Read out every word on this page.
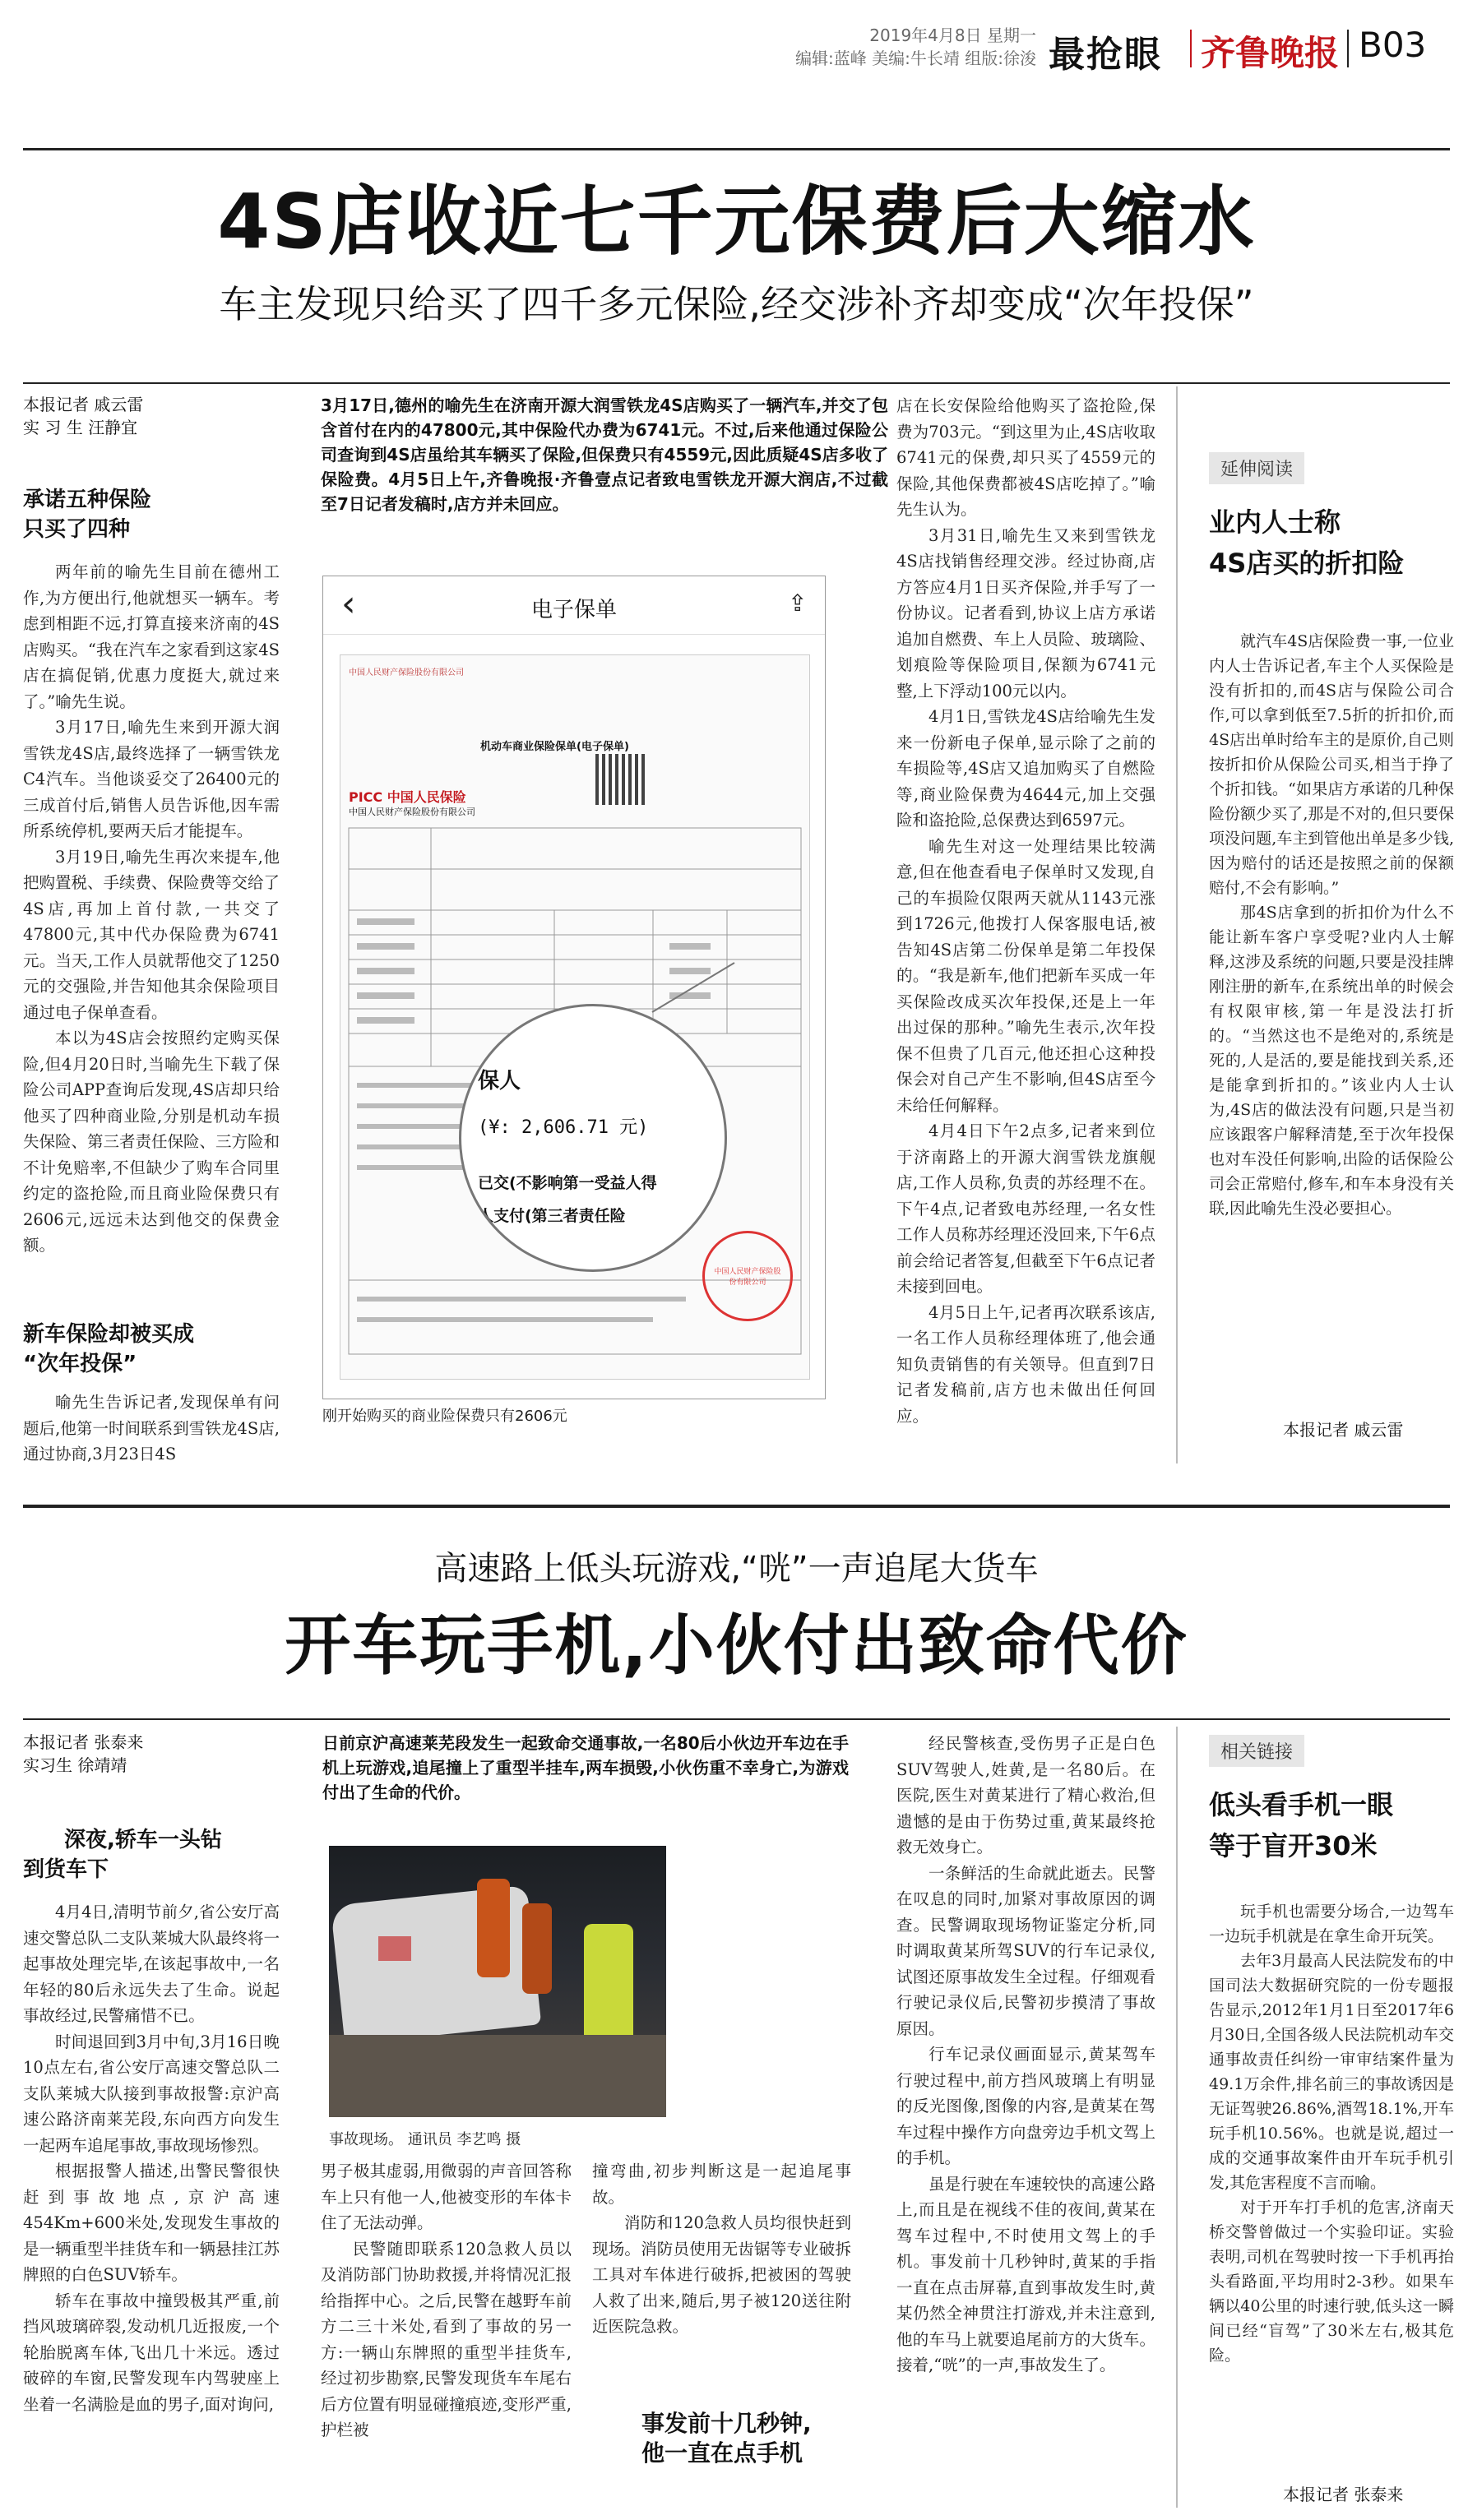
2019年4月8日 星期一
编辑:蓝峰 美编:牛长靖 组版:徐浚 最抢眼 齐鲁晚报 B03
4S店收近七千元保费后大缩水
车主发现只给买了四千多元保险,经交涉补齐却变成“次年投保”
本报记者 戚云雷
实 习 生 汪静宜
承诺五种保险
只买了四种

两年前的喻先生目前在德州工作,为方便出行,他就想买一辆车。考虑到相距不远,打算直接来济南的4S店购买。“我在汽车之家看到这家4S店在搞促销,优惠力度挺大,就过来了。”喻先生说。

3月17日,喻先生来到开源大润雪铁龙4S店,最终选择了一辆雪铁龙C4汽车。当他谈妥交了26400元的三成首付后,销售人员告诉他,因车需所系统停机,要两天后才能提车。

3月19日,喻先生再次来提车,他把购置税、手续费、保险费等交给了4S店,再加上首付款,一共交了47800元,其中代办保险费为6741元。当天,工作人员就帮他交了1250元的交强险,并告知他其余保险项目通过电子保单查看。

本以为4S店会按照约定购买保险,但4月20日时,当喻先生下载了保险公司APP查询后发现,4S店却只给他买了四种商业险,分别是机动车损失保险、第三者责任保险、三方险和不计免赔率,不但缺少了购车合同里约定的盗抢险,而且商业险保费只有2606元,远远未达到他交的保费金额。

新车保险却被买成
“次年投保”

喻先生告诉记者,发现保单有问题后,他第一时间联系到雪铁龙4S店,通过协商,3月23日4S

3月17日,德州的喻先生在济南开源大润雪铁龙4S店购买了一辆汽车,并交了包含首付在内的47800元,其中保险代办费为6741元。不过,后来他通过保险公司查询到4S店虽给其车辆买了保险,但保费只有4559元,因此质疑4S店多收了保险费。4月5日上午,齐鲁晚报·齐鲁壹点记者致电雪铁龙开源大润店,不过截至7日记者发稿时,店方并未回应。
‹	电子保单	⇪
中国人民财产保险股份有限公司
机动车商业保险保单(电子保单)
PICC 中国人民保险
中国人民财产保险股份有限公司
中国人民财产保险股份有限公司
保人
(¥: 2,606.71 元)
已交(不影响第一受益人得
人支付(第三者责任险
刚开始购买的商业险保费只有2606元

店在长安保险给他购买了盗抢险,保费为703元。“到这里为止,4S店收取6741元的保费,却只买了4559元的保险,其他保费都被4S店吃掉了。”喻先生认为。

3月31日,喻先生又来到雪铁龙4S店找销售经理交涉。经过协商,店方答应4月1日买齐保险,并手写了一份协议。记者看到,协议上店方承诺追加自燃费、车上人员险、玻璃险、划痕险等保险项目,保额为6741元整,上下浮动100元以内。

4月1日,雪铁龙4S店给喻先生发来一份新电子保单,显示除了之前的车损险等,4S店又追加购买了自燃险等,商业险保费为4644元,加上交强险和盗抢险,总保费达到6597元。

喻先生对这一处理结果比较满意,但在他查看电子保单时又发现,自己的车损险仅限两天就从1143元涨到1726元,他拨打人保客服电话,被告知4S店第二份保单是第二年投保的。“我是新车,他们把新车买成一年买保险改成买次年投保,还是上一年出过保的那种。”喻先生表示,次年投保不但贵了几百元,他还担心这种投保会对自己产生不影响,但4S店至今未给任何解释。

4月4日下午2点多,记者来到位于济南路上的开源大润雪铁龙旗舰店,工作人员称,负责的苏经理不在。下午4点,记者致电苏经理,一名女性工作人员称苏经理还没回来,下午6点前会给记者答复,但截至下午6点记者未接到回电。

4月5日上午,记者再次联系该店,一名工作人员称经理体班了,他会通知负责销售的有关领导。但直到7日记者发稿前,店方也未做出任何回应。

延伸阅读
业内人士称
4S店买的折扣险

就汽车4S店保险费一事,一位业内人士告诉记者,车主个人买保险是没有折扣的,而4S店与保险公司合作,可以拿到低至7.5折的折扣价,而4S店出单时给车主的是原价,自己则按折扣价从保险公司买,相当于挣了个折扣钱。“如果店方承诺的几种保险份额少买了,那是不对的,但只要保项没问题,车主到管他出单是多少钱,因为赔付的话还是按照之前的保额赔付,不会有影响。”

那4S店拿到的折扣价为什么不能让新车客户享受呢?业内人士解释,这涉及系统的问题,只要是没挂牌刚注册的新车,在系统出单的时候会有权限审核,第一年是没法打折的。“当然这也不是绝对的,系统是死的,人是活的,要是能找到关系,还是能拿到折扣的。”该业内人士认为,4S店的做法没有问题,只是当初应该跟客户解释清楚,至于次年投保也对车没任何影响,出险的话保险公司会正常赔付,修车,和车本身没有关联,因此喻先生没必要担心。

本报记者 戚云雷
高速路上低头玩游戏,“咣”一声追尾大货车
开车玩手机,小伙付出致命代价
本报记者 张泰来
实习生 徐靖靖
深夜,轿车一头钻
到货车下

4月4日,清明节前夕,省公安厅高速交警总队二支队莱城大队最终将一起事故处理完毕,在该起事故中,一名年轻的80后永远失去了生命。说起事故经过,民警痛惜不已。

时间退回到3月中旬,3月16日晚10点左右,省公安厅高速交警总队二支队莱城大队接到事故报警:京沪高速公路济南莱芜段,东向西方向发生一起两车追尾事故,事故现场惨烈。

根据报警人描述,出警民警很快赶到事故地点,京沪高速454Km+600米处,发现发生事故的是一辆重型半挂货车和一辆悬挂江苏牌照的白色SUV轿车。

轿车在事故中撞毁极其严重,前挡风玻璃碎裂,发动机几近报废,一个轮胎脱离车体,飞出几十米远。透过破碎的车窗,民警发现车内驾驶座上坐着一名满脸是血的男子,面对询问,

日前京沪高速莱芜段发生一起致命交通事故,一名80后小伙边开车边在手机上玩游戏,追尾撞上了重型半挂车,两车损毁,小伙伤重不幸身亡,为游戏付出了生命的代价。
事故现场。 通讯员 李艺鸣 摄

男子极其虚弱,用微弱的声音回答称车上只有他一人,他被变形的车体卡住了无法动弹。

民警随即联系120急救人员以及消防部门协助救援,并将情况汇报给指挥中心。之后,民警在越野车前方二三十米处,看到了事故的另一方:一辆山东牌照的重型半挂货车,经过初步勘察,民警发现货车车尾右后方位置有明显碰撞痕迹,变形严重,护栏被

撞弯曲,初步判断这是一起追尾事故。

消防和120急救人员均很快赶到现场。消防员使用无齿锯等专业破拆工具对车体进行破拆,把被困的驾驶人救了出来,随后,男子被120送往附近医院急救。

事发前十几秒钟,
他一直在点手机

经民警核查,受伤男子正是白色SUV驾驶人,姓黄,是一名80后。在医院,医生对黄某进行了精心救治,但遗憾的是由于伤势过重,黄某最终抢救无效身亡。

一条鲜活的生命就此逝去。民警在叹息的同时,加紧对事故原因的调查。民警调取现场物证鉴定分析,同时调取黄某所驾SUV的行车记录仪,试图还原事故发生全过程。仔细观看行驶记录仪后,民警初步摸清了事故原因。

行车记录仪画面显示,黄某驾车行驶过程中,前方挡风玻璃上有明显的反光图像,图像的内容,是黄某在驾车过程中操作方向盘旁边手机文驾上的手机。

虽是行驶在车速较快的高速公路上,而且是在视线不佳的夜间,黄某在驾车过程中,不时使用文驾上的手机。事发前十几秒钟时,黄某的手指一直在点击屏幕,直到事故发生时,黄某仍然全神贯注打游戏,并未注意到,他的车马上就要追尾前方的大货车。接着,“咣”的一声,事故发生了。

相关链接
低头看手机一眼
等于盲开30米

玩手机也需要分场合,一边驾车一边玩手机就是在拿生命开玩笑。

去年3月最高人民法院发布的中国司法大数据研究院的一份专题报告显示,2012年1月1日至2017年6月30日,全国各级人民法院机动车交通事故责任纠纷一审审结案件量为49.1万余件,排名前三的事故诱因是无证驾驶26.86%,酒驾18.1%,开车玩手机10.56%。也就是说,超过一成的交通事故案件由开车玩手机引发,其危害程度不言而喻。

对于开车打手机的危害,济南天桥交警曾做过一个实验印证。实验表明,司机在驾驶时按一下手机再抬头看路面,平均用时2-3秒。如果车辆以40公里的时速行驶,低头这一瞬间已经“盲驾”了30米左右,极其危险。

本报记者 张泰来
